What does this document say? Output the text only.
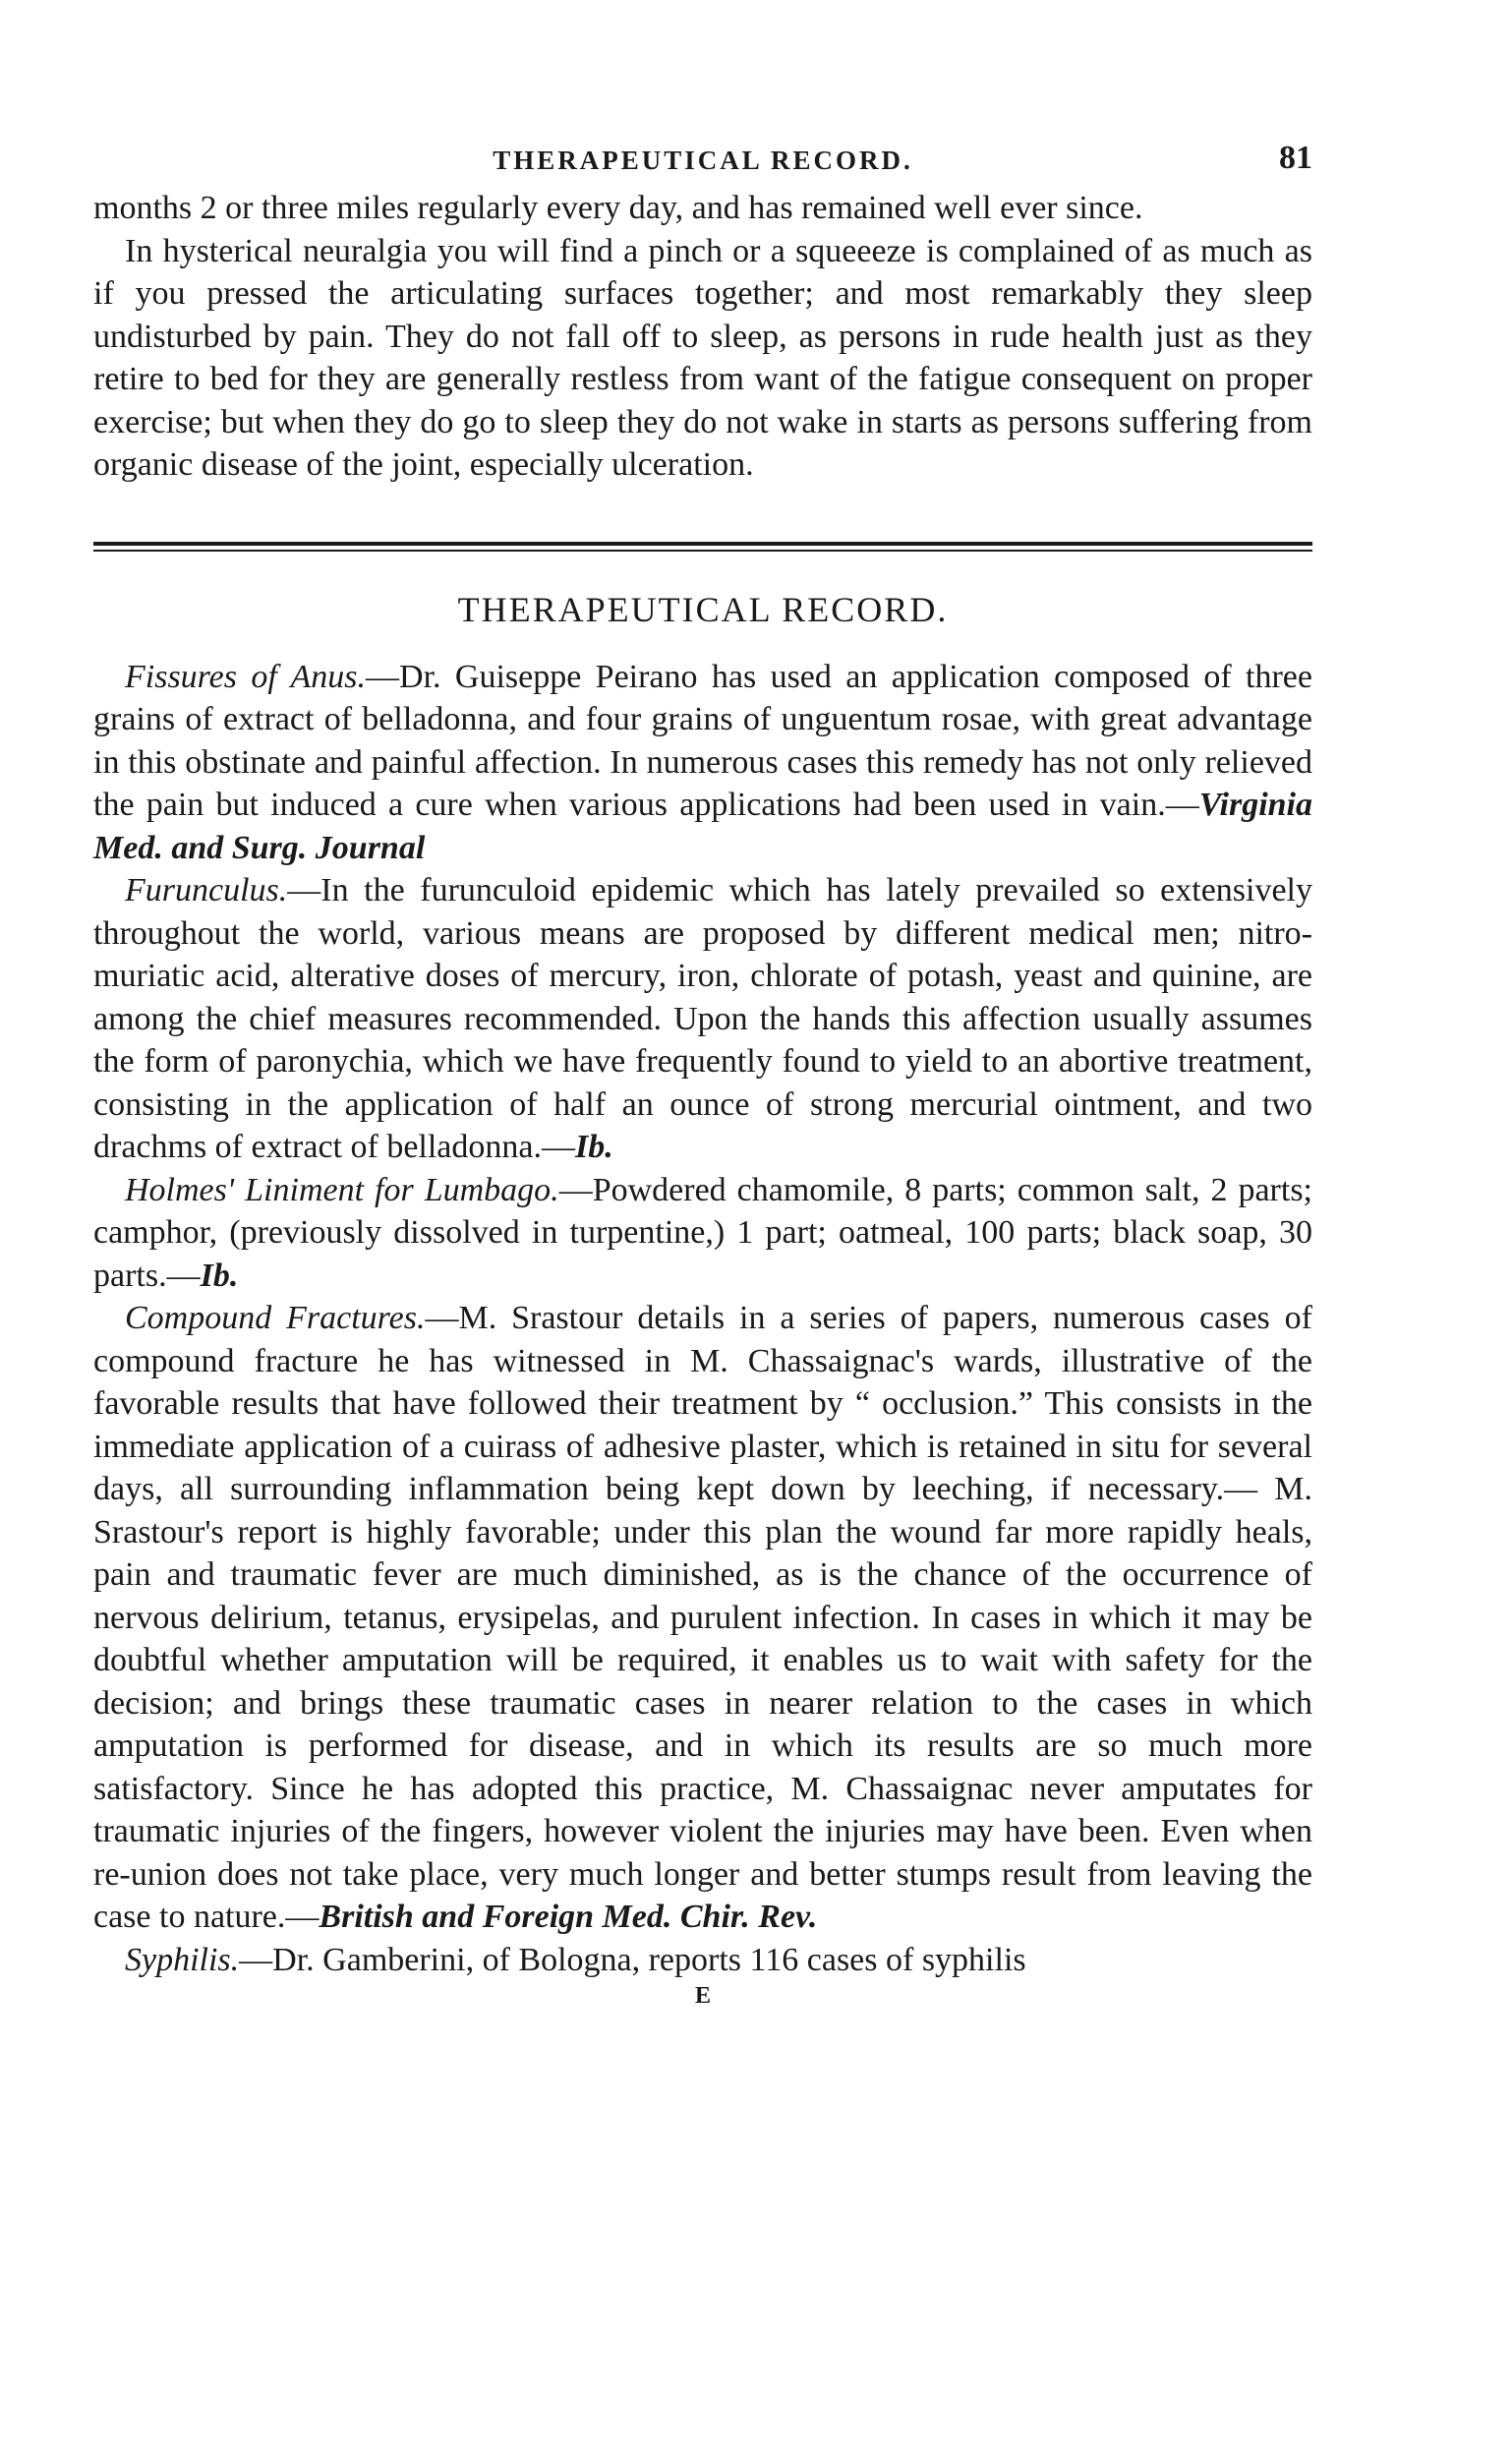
THERAPEUTICAL RECORD.	81

months 2 or three miles regularly every day, and has remained well ever since.

In hysterical neuralgia you will find a pinch or a squeeeze is complained of as much as if you pressed the articulating surfaces together; and most remarkably they sleep undisturbed by pain. They do not fall off to sleep, as persons in rude health just as they retire to bed for they are generally restless from want of the fatigue consequent on proper exercise; but when they do go to sleep they do not wake in starts as persons suffering from organic disease of the joint, especially ulceration.

THERAPEUTICAL RECORD.

Fissures of Anus.—Dr. Guiseppe Peirano has used an application composed of three grains of extract of belladonna, and four grains of unguentum rosae, with great advantage in this obstinate and painful affection. In numerous cases this remedy has not only relieved the pain but induced a cure when various applications had been used in vain.—Virginia Med. and Surg. Journal

Furunculus.—In the furunculoid epidemic which has lately prevailed so extensively throughout the world, various means are proposed by different medical men; nitro-muriatic acid, alterative doses of mercury, iron, chlorate of potash, yeast and quinine, are among the chief measures recommended. Upon the hands this affection usually assumes the form of paronychia, which we have frequently found to yield to an abortive treatment, consisting in the application of half an ounce of strong mercurial ointment, and two drachms of extract of belladonna.—Ib.

Holmes' Liniment for Lumbago.—Powdered chamomile, 8 parts; common salt, 2 parts; camphor, (previously dissolved in turpentine,) 1 part; oatmeal, 100 parts; black soap, 30 parts.—Ib.

Compound Fractures.—M. Srastour details in a series of papers, numerous cases of compound fracture he has witnessed in M. Chassaignac's wards, illustrative of the favorable results that have followed their treatment by “ occlusion.” This consists in the immediate application of a cuirass of adhesive plaster, which is retained in situ for several days, all surrounding inflammation being kept down by leeching, if necessary.— M. Srastour's report is highly favorable; under this plan the wound far more rapidly heals, pain and traumatic fever are much diminished, as is the chance of the occurrence of nervous delirium, tetanus, erysipelas, and purulent infection. In cases in which it may be doubtful whether amputation will be required, it enables us to wait with safety for the decision; and brings these traumatic cases in nearer relation to the cases in which amputation is performed for disease, and in which its results are so much more satisfactory. Since he has adopted this practice, M. Chassaignac never amputates for traumatic injuries of the fingers, however violent the injuries may have been. Even when re-union does not take place, very much longer and better stumps result from leaving the case to nature.—British and Foreign Med. Chir. Rev.

Syphilis.—Dr. Gamberini, of Bologna, reports 116 cases of syphilis

E
